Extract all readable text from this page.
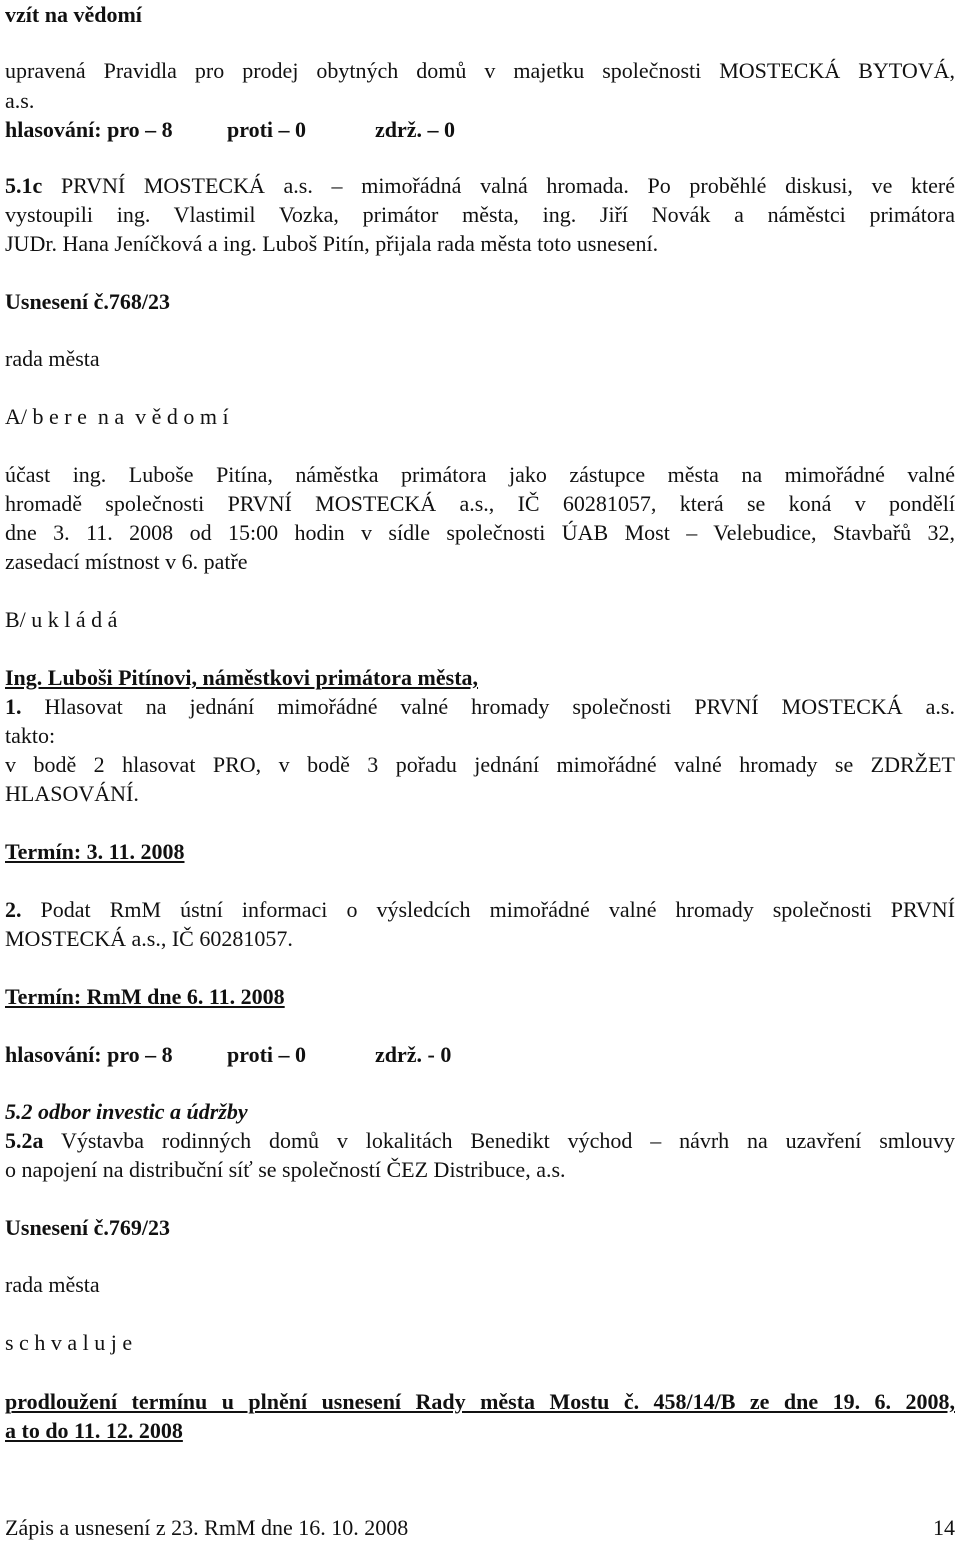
vzít na vědomí
upravená Pravidla pro prodej obytných domů v majetku společnosti MOSTECKÁ BYTOVÁ,
a.s.
hlasování: pro – 8 proti – 0	zdrž. – 0
5.1c PRVNÍ MOSTECKÁ a.s. – mimořádná valná hromada. Po proběhlé diskusi, ve které
vystoupili ing. Vlastimil Vozka, primátor města, ing. Jiří Novák a náměstci primátora
JUDr. Hana Jeníčková a ing. Luboš Pitín, přijala rada města toto usnesení.
Usnesení č.768/23
rada města
A/ b e r e  n a  v ě d o m í
účast ing. Luboše Pitína, náměstka primátora jako zástupce města na mimořádné valné
hromadě společnosti PRVNÍ MOSTECKÁ a.s., IČ 60281057, která se koná v pondělí
dne 3. 11. 2008 od 15:00 hodin v sídle společnosti ÚAB Most – Velebudice, Stavbařů 32,
zasedací místnost v 6. patře
B/ u k l á d á
Ing. Luboši Pitínovi, náměstkovi primátora města,
1. Hlasovat na jednání mimořádné valné hromady společnosti PRVNÍ MOSTECKÁ a.s.
takto:
v bodě 2 hlasovat PRO, v bodě 3 pořadu jednání mimořádné valné hromady se ZDRŽET
HLASOVÁNÍ.
Termín: 3. 11. 2008
2. Podat RmM ústní informaci o výsledcích mimořádné valné hromady společnosti PRVNÍ
MOSTECKÁ a.s., IČ 60281057.
Termín: RmM dne 6. 11. 2008
hlasování: pro – 8 proti – 0	zdrž. - 0
5.2 odbor investic a údržby
5.2a Výstavba rodinných domů v lokalitách Benedikt východ – návrh na uzavření smlouvy
o napojení na distribuční síť se společností ČEZ Distribuce, a.s.
Usnesení č.769/23
rada města
s c h v a l u j e
prodloužení termínu u plnění usnesení Rady města Mostu č. 458/14/B ze dne 19. 6. 2008,
a to do 11. 12. 2008
Zápis a usnesení z 23. RmM dne 16. 10. 2008	14
